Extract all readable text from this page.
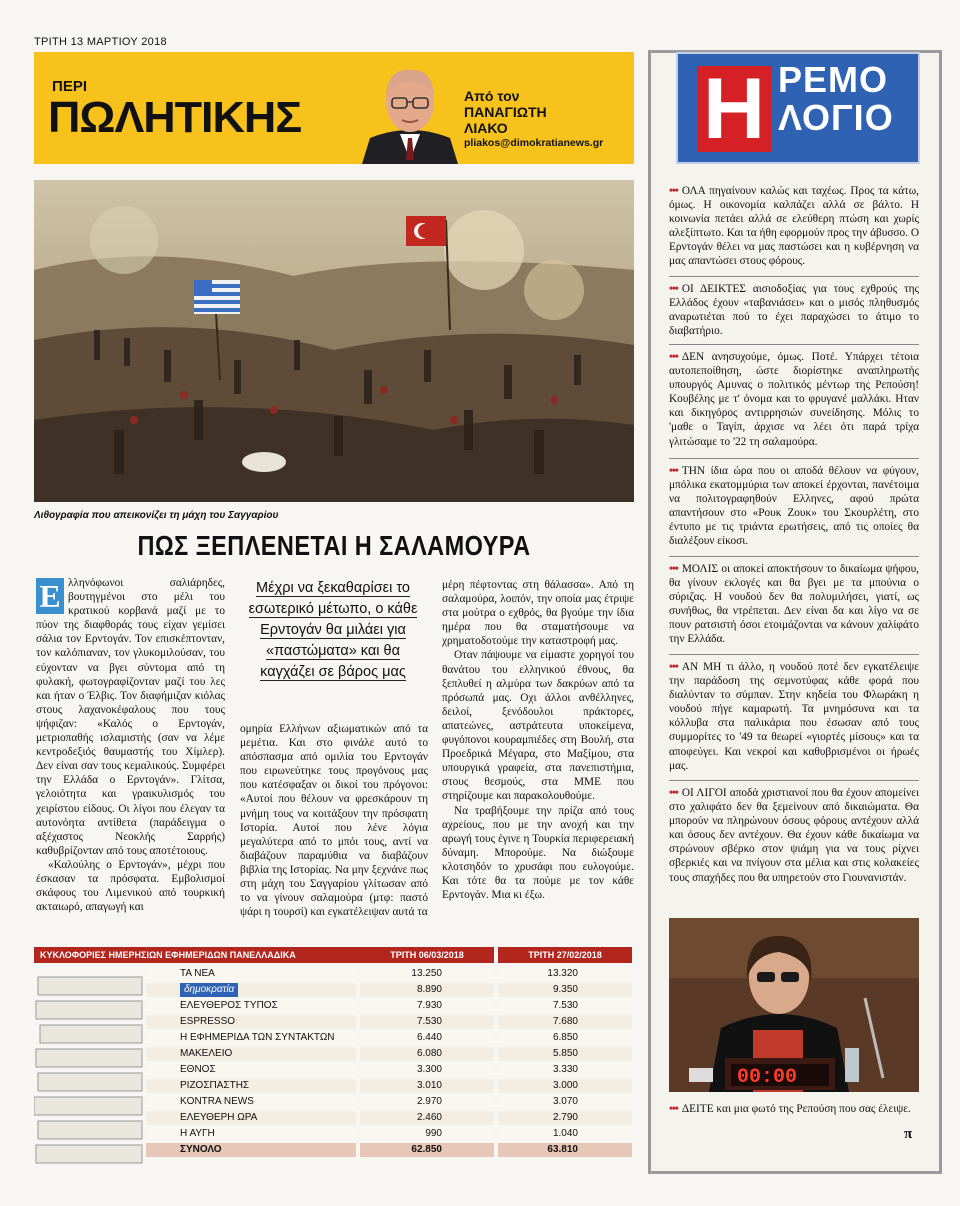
ΤΡΙΤΗ 13 ΜΑΡΤΙΟΥ 2018
ΠΕΡΙ
ΠΩΛΗΤΙΚΗΣ	Από τον
ΠΑΝΑΓΙΩΤΗ
ΛΙΑΚΟ
pliakos@dimokratianews.gr
Λιθογραφία που απεικονίζει τη μάχη του Σαγγαρίου
ΠΩΣ ΞΕΠΛΕΝΕΤΑΙ Η ΣΑΛΑΜΟΥΡΑ
Ε λληνόφωνοι σαλιάρηδες, βουτηγμένοι στο μέλι του κρατικού κορβανά μαζί με το πύον της διαφθοράς τους είχαν γεμίσει σάλια τον Ερντογάν. Τον επισκέπτονταν, τον καλόπιαναν, τον γλυκομιλούσαν, του εύχονταν να βγει σύντομα από τη φυλακή, φωτογραφίζονταν μαζί του λες και ήταν ο Έλβις. Τον διαφήμιζαν κιόλας στους λαχανοκέφαλους που τους ψήφιζαν: «Καλός ο Ερντογάν, μετριοπαθής ισλαμιστής (σαν να λέμε κεντροδεξιός θαυμαστής του Χίμλερ). Δεν είναι σαν τους κεμαλικούς. Συμφέρει την Ελλάδα ο Ερντογάν». Γλίτσα, γελοιότητα και γραικυλισμός του χειρίστου είδους. Οι λίγοι που έλεγαν τα αυτονόητα αντίθετα (παράδειγμα ο αξέχαστος Νεοκλής Σαρρής) καθυβρίζονταν από τους αποτέτοιους.
«Καλούλης ο Ερντογάν», μέχρι που έσκασαν τα πρόσφατα. Εμβολισμοί σκάφους του Λιμενικού από τουρκική ακταιωρό, απαγωγή και
Μέχρι να ξεκαθαρίσει το εσωτερικό μέτωπο, ο κάθε Ερντογάν θα μιλάει για «παστώματα» και θα καγχάζει σε βάρος μας
ομηρία Ελλήνων αξιωματικών από τα μεμέτια. Και στο φινάλε αυτό το απόσπασμα από ομιλία του Ερντογάν που ειρωνεύτηκε τους προγόνους μας που κατέσφαξαν οι δικοί του πρόγονοι: «Αυτοί που θέλουν να φρεσκάρουν τη μνήμη τους να κοιτάξουν την πρόσφατη Ιστορία. Αυτοί που λένε λόγια μεγαλύτερα από το μπόι τους, αντί να διαβάζουν παραμύθια να διαβάζουν βιβλία της Ιστορίας. Να μην ξεχνάνε πως στη μάχη του Σαγγαρίου γλίτωσαν από το να γίνουν σαλαμούρα (μτφ: παστό ψάρι η τουρσί) και εγκατέλειψαν αυτά τα
μέρη πέφτοντας στη θάλασσα». Από τη σαλαμούρα, λοιπόν, την οποία μας έτριψε στα μούτρα ο εχθρός, θα βγούμε την ίδια ημέρα που θα σταματήσουμε να χρηματοδοτούμε την καταστροφή μας.
Οταν πάψουμε να είμαστε χορηγοί του θανάτου του ελληνικού έθνους, θα ξεπλυθεί η αλμύρα των δακρύων από τα πρόσωπά μας. Οχι άλλοι ανθέλληνες, δειλοί, ξενόδουλοι πράκτορες, απατεώνες, αστράτευτα υποκείμενα, φυγόπονοι κουραμπιέδες στη Βουλή, στα Προεδρικά Μέγαρα, στο Μαξίμου, στα υπουργικά γραφεία, στα πανεπιστήμια, στους θεσμούς, στα ΜΜΕ που στηρίζουμε και παρακολουθούμε.
Να τραβήξουμε την πρίζα από τους αχρείους, που με την ανοχή και την αρωγή τους έγινε η Τουρκία περιφερειακή δύναμη. Μπορούμε. Να διώξουμε κλοτσηδόν το χρυσάφι που ευλογούμε. Και τότε θα τα πούμε με τον κάθε Ερντογάν. Μια κι έξω.
ΚΥΚΛΟΦΟΡΙΕΣ ΗΜΕΡΗΣΙΩΝ ΕΦΗΜΕΡΙΔΩΝ ΠΑΝΕΛΛΑΔΙΚΑ	ΤΡΙΤΗ 06/03/2018	ΤΡΙΤΗ 27/02/2018
ΤΑ ΝΕΑ	13.250	13.320
δημοκρατία	8.890	9.350
ΕΛΕΥΘΕΡΟΣ ΤΥΠΟΣ	7.930	7.530
ESPRESSO	7.530	7.680
Η ΕΦΗΜΕΡΙΔΑ ΤΩΝ ΣΥΝΤΑΚΤΩΝ	6.440	6.850
ΜΑΚΕΛΕΙΟ	6.080	5.850
ΕΘΝΟΣ	3.300	3.330
ΡΙΖΟΣΠΑΣΤΗΣ	3.010	3.000
KONTRA NEWS	2.970	3.070
ΕΛΕΥΘΕΡΗ ΩΡΑ	2.460	2.790
Η ΑΥΓΗ	990	1.040
ΣΥΝΟΛΟ	62.850	63.810
Η ΡΕΜΟ
ΛΟΓΙΟ
••• ΟΛΑ πηγαίνουν καλώς και ταχέως. Προς τα κάτω, όμως. Η οικονομία καλπάζει αλλά σε βάλτο. Η κοινωνία πετάει αλλά σε ελεύθερη πτώση και χωρίς αλεξίπτωτο. Και τα ήθη εφορμούν προς την άβυσσο. Ο Ερντογάν θέλει να μας παστώσει και η κυβέρνηση να μας απαντώσει στους φόρους.
••• ΟΙ ΔΕΙΚΤΕΣ αισιοδοξίας για τους εχθρούς της Ελλάδος έχουν «ταβανιάσει» και ο μισός πληθυσμός αναρωτιέται πού το έχει παραχώσει το άτιμο το διαβατήριο.
••• ΔΕΝ ανησυχούμε, όμως. Ποτέ. Υπάρχει τέτοια αυτοπεποίθηση, ώστε διορίστηκε αναπληρωτής υπουργός Αμυνας ο πολιτικός μέντωρ της Ρεπούση! Κουβέλης με τ' όνομα και το φρυγανέ μαλλάκι. Ηταν και δικηγόρος αντιρρησιών συνείδησης. Μόλις το 'μαθε ο Ταγίπ, άρχισε να λέει ότι παρά τρίχα γλιτώσαμε το '22 τη σαλαμούρα.
••• ΤΗΝ ίδια ώρα που οι αποδά θέλουν να φύγουν, μπόλικα εκατομμύρια των αποκεί έρχονται, πανέτοιμα να πολιτογραφηθούν Ελληνες, αφού πρώτα απαντήσουν στο «Ρουκ Ζουκ» του Σκουρλέτη, στο έντυπο με τις τριάντα ερωτήσεις, από τις οποίες θα διαλέξουν είκοσι.
••• ΜΟΛΙΣ οι αποκεί αποκτήσουν το δικαίωμα ψήφου, θα γίνουν εκλογές και θα βγει με τα μπούνια ο σύριζας. Η νουδού δεν θα πολυμιλήσει, γιατί, ως συνήθως, θα ντρέπεται. Δεν είναι δα και λίγο να σε πουν ρατσιστή όσοι ετοιμάζονται να κάνουν χαλίφάτο την Ελλάδα.
••• ΑΝ ΜΗ τι άλλο, η νουδού ποτέ δεν εγκατέλειψε την παράδοση της σεμνοτύφας κάθε φορά που διαλύνταν το σύμπαν. Στην κηδεία του Φλωράκη η νουδού πήγε καμαρωτή. Τα μνημόσυνα και τα κόλλυβα στα παλικάρια που έσωσαν από τους συμμορίτες το '49 τα θεωρεί «γιορτές μίσους» και τα αποφεύγει. Και νεκροί και καθυβρισμένοι οι ήρωές μας.
••• ΟΙ ΛΙΓΟΙ αποδά χριστιανοί που θα έχουν απομείνει στο χαλιφάτο δεν θα ξεμείνουν από δικαιώματα. Θα μπορούν να πληρώνουν όσους φόρους αντέχουν αλλά και όσους δεν αντέχουν. Θα έχουν κάθε δικαίωμα να στρώνουν σβέρκο στον ψιάμη για να τους ρίχνει σβερκιές και να πνίγουν στα μέλια και στις κολακείες τους σπαχήδες που θα υπηρετούν στο Γιουνανιστάν.
00:00
••• ΔΕΙΤΕ και μια φωτό της Ρεπούση που σας έλειψε.
π
